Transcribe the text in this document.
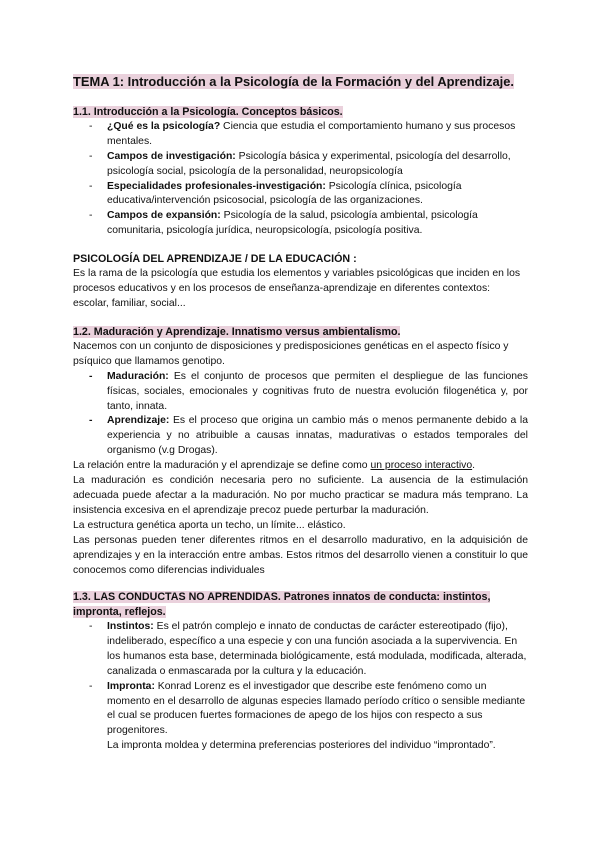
TEMA 1: Introducción a la Psicología de la Formación y del Aprendizaje.
1.1. Introducción a la Psicología. Conceptos básicos.
- ¿Qué es la psicología? Ciencia que estudia el comportamiento humano y sus procesos mentales.
- Campos de investigación: Psicología básica y experimental, psicología del desarrollo, psicología social, psicología de la personalidad, neuropsicología
- Especialidades profesionales-investigación: Psicología clínica, psicología educativa/intervención psicosocial, psicología de las organizaciones.
- Campos de expansión: Psicología de la salud, psicología ambiental, psicología comunitaria, psicología jurídica, neuropsicología, psicología positiva.
PSICOLOGÍA DEL APRENDIZAJE / DE LA EDUCACIÓN :

Es la rama de la psicología que estudia los elementos y variables psicológicas que inciden en los procesos educativos y en los procesos de enseñanza-aprendizaje en diferentes contextos: escolar, familiar, social...

1.2. Maduración y Aprendizaje. Innatismo versus ambientalismo.

Nacemos con un conjunto de disposiciones y predisposiciones genéticas en el aspecto físico y psíquico que llamamos genotipo.

- Maduración: Es el conjunto de procesos que permiten el despliegue de las funciones físicas, sociales, emocionales y cognitivas fruto de nuestra evolución filogenética y, por tanto, innata.
- Aprendizaje: Es el proceso que origina un cambio más o menos permanente debido a la experiencia y no atribuible a causas innatas, madurativas o estados temporales del organismo (v.g Drogas).

La relación entre la maduración y el aprendizaje se define como un proceso interactivo.

La maduración es condición necesaria pero no suficiente. La ausencia de la estimulación adecuada puede afectar a la maduración. No por mucho practicar se madura más temprano. La insistencia excesiva en el aprendizaje precoz puede perturbar la maduración.

La estructura genética aporta un techo, un límite... elástico.

Las personas pueden tener diferentes ritmos en el desarrollo madurativo, en la adquisición de aprendizajes y en la interacción entre ambas. Estos ritmos del desarrollo vienen a constituir lo que conocemos como diferencias individuales

1.3. LAS CONDUCTAS NO APRENDIDAS. Patrones innatos de conducta: instintos, impronta, reflejos.
- Instintos: Es el patrón complejo e innato de conductas de carácter estereotipado (fijo), indeliberado, específico a una especie y con una función asociada a la supervivencia. En los humanos esta base, determinada biológicamente, está modulada, modificada, alterada, canalizada o enmascarada por la cultura y la educación.
- Impronta: Konrad Lorenz es el investigador que describe este fenómeno como un momento en el desarrollo de algunas especies llamado período crítico o sensible mediante el cual se producen fuertes formaciones de apego de los hijos con respecto a sus progenitores.
La impronta moldea y determina preferencias posteriores del individuo “improntado”.
